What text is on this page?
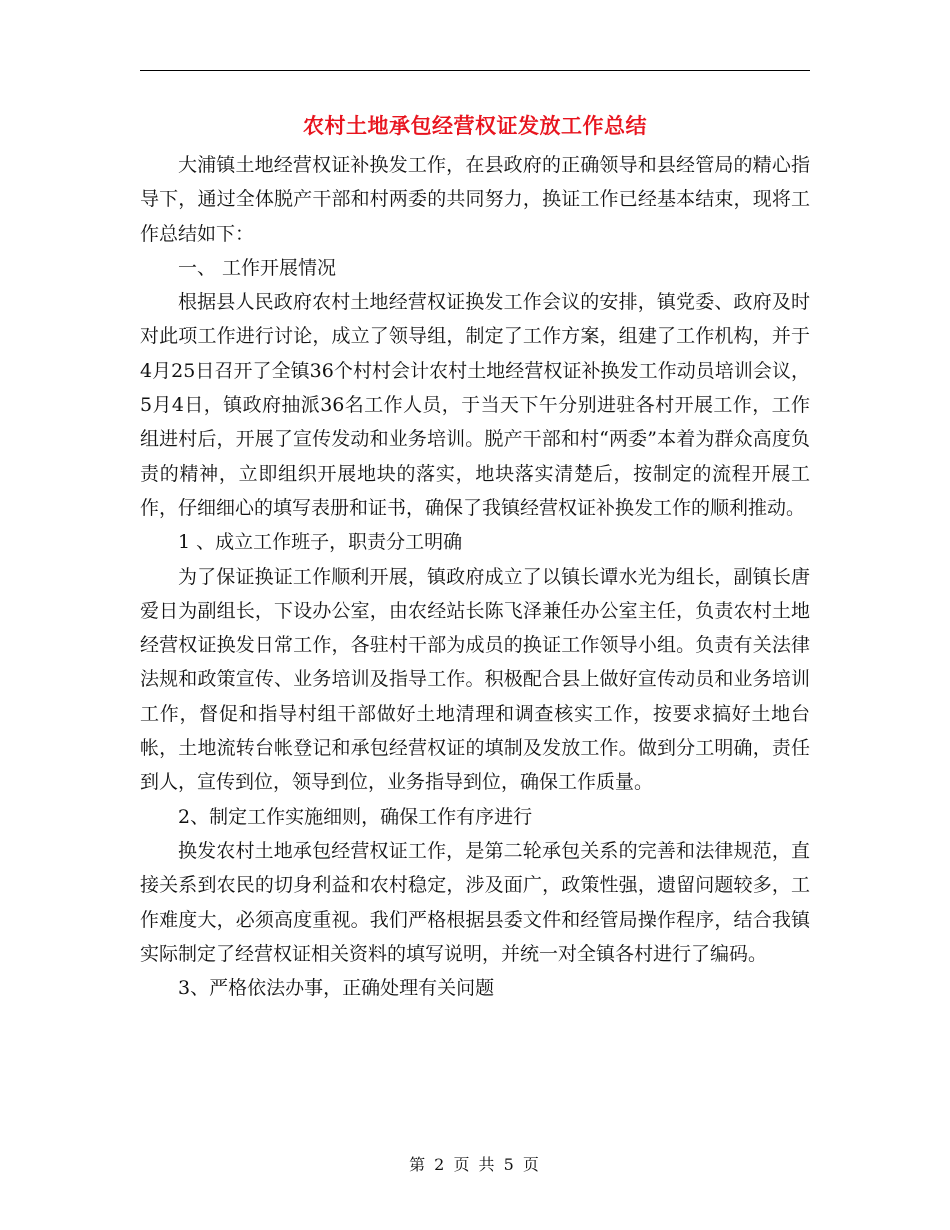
农村土地承包经营权证发放工作总结

大浦镇土地经营权证补换发工作，在县政府的正确领导和县经管局的精心指导下，通过全体脱产干部和村两委的共同努力，换证工作已经基本结束，现将工作总结如下：

一、 工作开展情况

根据县人民政府农村土地经营权证换发工作会议的安排，镇党委、政府及时对此项工作进行讨论，成立了领导组，制定了工作方案，组建了工作机构，并于4月25日召开了全镇36个村村会计农村土地经营权证补换发工作动员培训会议，5月4日，镇政府抽派36名工作人员，于当天下午分别进驻各村开展工作，工作组进村后，开展了宣传发动和业务培训。脱产干部和村“两委”本着为群众高度负责的精神，立即组织开展地块的落实，地块落实清楚后，按制定的流程开展工作，仔细细心的填写表册和证书，确保了我镇经营权证补换发工作的顺利推动。

1 、成立工作班子，职责分工明确

为了保证换证工作顺利开展，镇政府成立了以镇长谭水光为组长，副镇长唐爱日为副组长，下设办公室，由农经站长陈飞泽兼任办公室主任，负责农村土地经营权证换发日常工作，各驻村干部为成员的换证工作领导小组。负责有关法律法规和政策宣传、业务培训及指导工作。积极配合县上做好宣传动员和业务培训工作，督促和指导村组干部做好土地清理和调查核实工作，按要求搞好土地台帐，土地流转台帐登记和承包经营权证的填制及发放工作。做到分工明确，责任到人，宣传到位，领导到位，业务指导到位，确保工作质量。

2、制定工作实施细则，确保工作有序进行

换发农村土地承包经营权证工作，是第二轮承包关系的完善和法律规范，直接关系到农民的切身利益和农村稳定，涉及面广，政策性强，遗留问题较多，工作难度大，必须高度重视。我们严格根据县委文件和经管局操作程序，结合我镇实际制定了经营权证相关资料的填写说明，并统一对全镇各村进行了编码。

3、严格依法办事，正确处理有关问题

第 2 页 共 5 页
